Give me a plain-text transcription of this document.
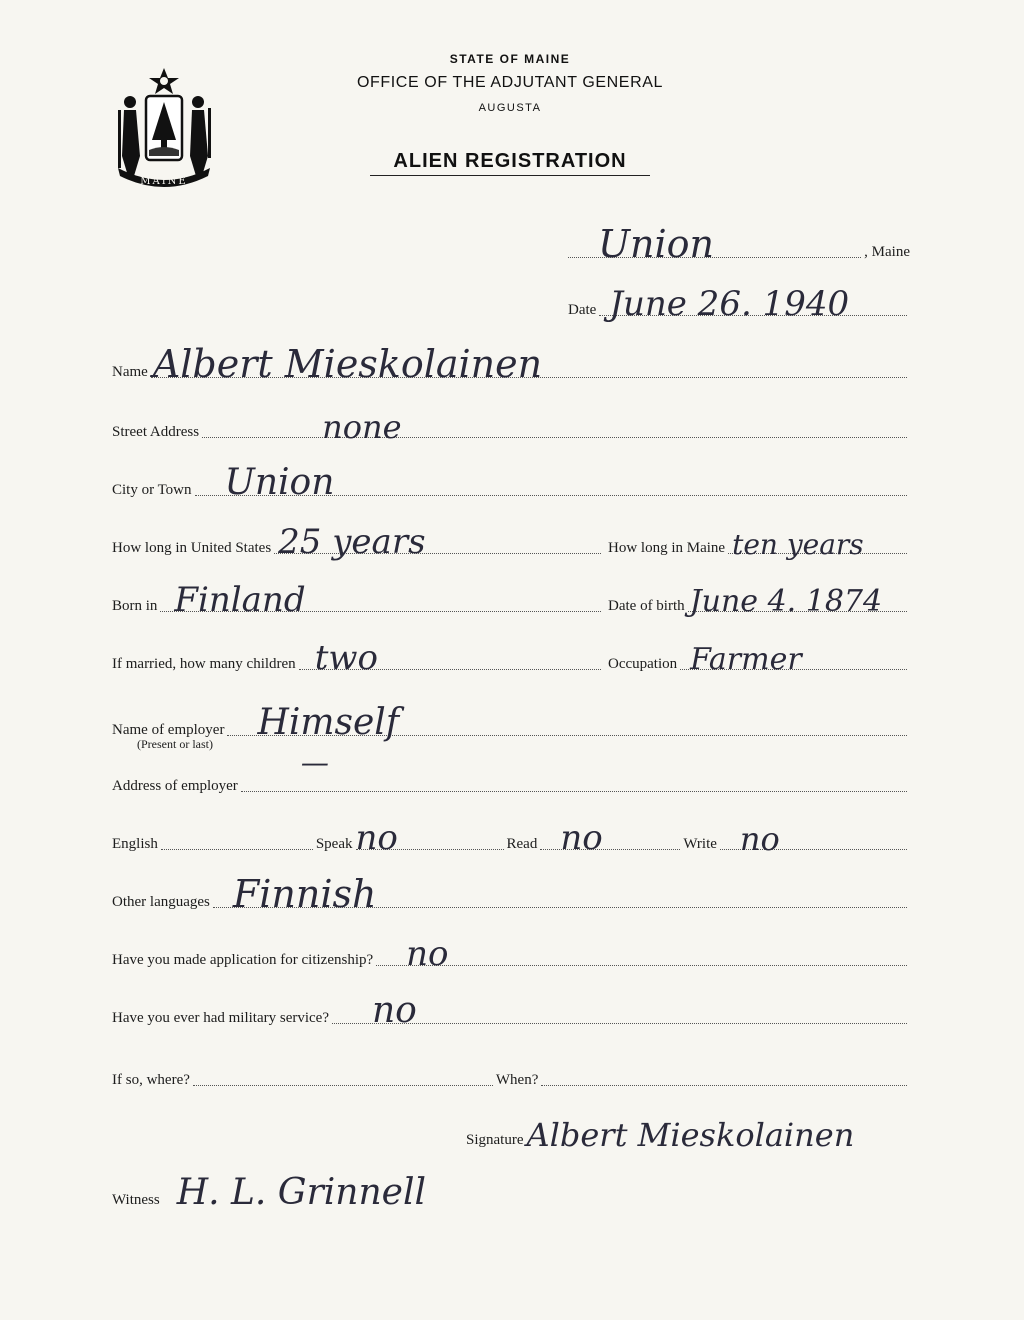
MAINE
STATE OF MAINE
OFFICE OF THE ADJUTANT GENERAL
AUGUSTA
ALIEN REGISTRATION
Union	, Maine
Date June 26. 1940
Name Albert Mieskolainen
Street Address	none
City or Town Union
How long in United States 25 years	How long in Maine ten years
Born in Finland	Date of birth June 4. 1874
If married, how many children two	Occupation Farmer
Name of employer Himself
(Present or last)
Address of employer
—
English	Speak no	Read no	Write no
Other languages Finnish
Have you made application for citizenship? no
Have you ever had military service? no
If so, where?	When?
Signature Albert Mieskolainen
Witness H. L. Grinnell
